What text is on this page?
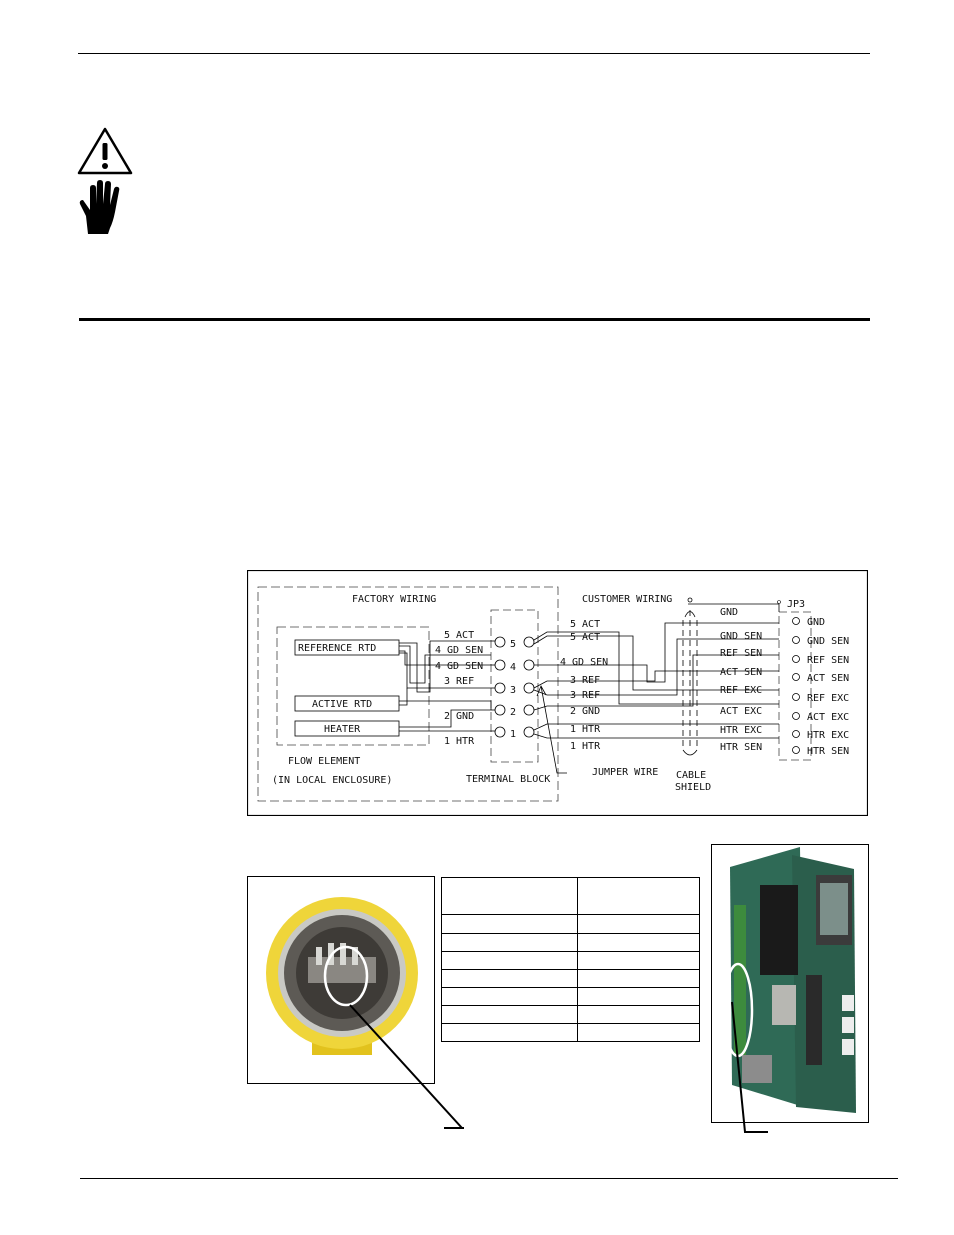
FACTORY WIRING	CUSTOMER WIRING
REFERENCE RTD
ACTIVE RTD
HEATER
FLOW ELEMENT
(IN LOCAL ENCLOSURE)	TERMINAL BLOCK
JUMPER WIRE CABLE
SHIELD
JP3
GND
5 ACT
4 GD SEN
4 GD SEN
3 REF
2 GND
1 HTR
5
4
3
2
1
5 ACT
5 ACT
4 GD SEN
3 REF
3 REF
2 GND
1 HTR
1 HTR
GND SEN
REF SEN
ACT SEN
REF EXC
ACT EXC
HTR EXC
HTR SEN
GND
GND SEN
REF SEN
ACT SEN
REF EXC
ACT EXC
HTR EXC
HTR SEN
